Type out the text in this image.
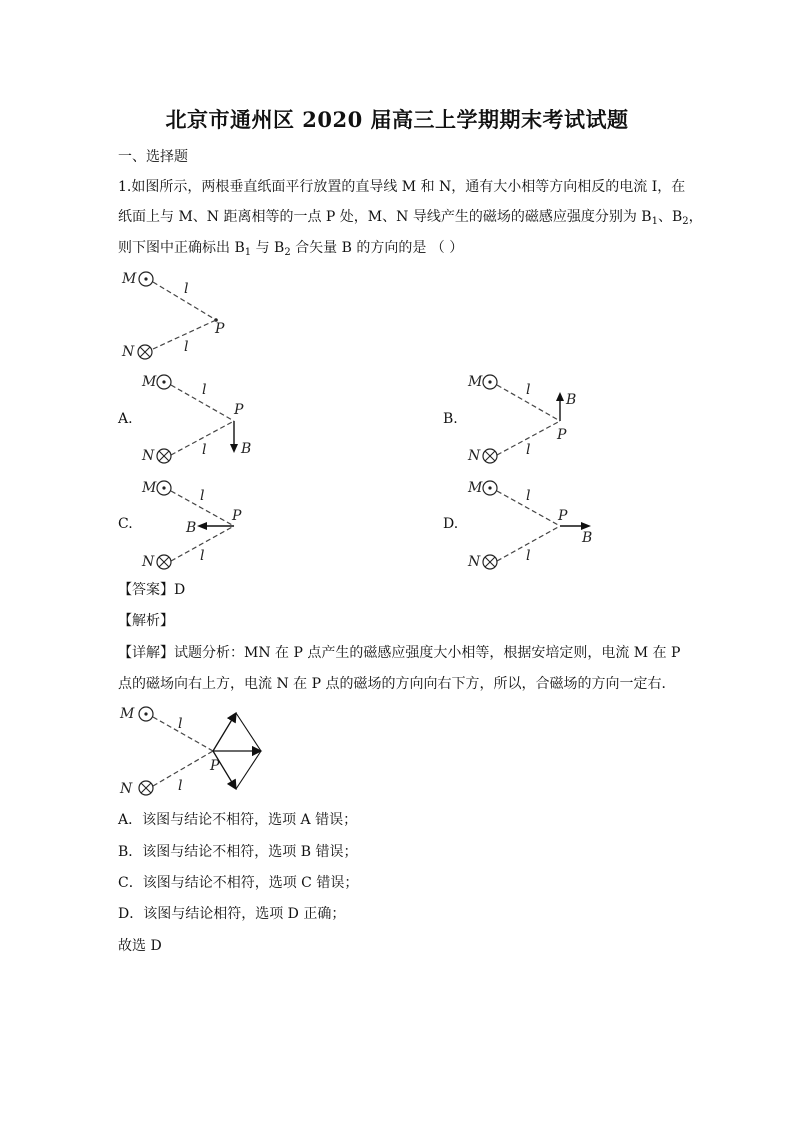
北京市通州区 2020 届高三上学期期末考试试题
一、选择题
1.如图所示，两根垂直纸面平行放置的直导线 M 和 N，通有大小相等方向相反的电流 I，在
纸面上与 M、N 距离相等的一点 P 处，M、N 导线产生的磁场的磁感应强度分别为 $B_1$、$B_2$，
则下图中正确标出 $B_1$ 与 $B_2$ 合矢量 B 的方向的是 （ ）
M
l
P
l
N
A.
M	l
P
l
N	B
B.
M	l
P
l
N
B
C.
M	l
P
l
N
B	D.
M	l
P
l
N
B
【答案】D
【解析】
【详解】试题分析：MN 在 P 点产生的磁感应强度大小相等，根据安培定则，电流 M 在 P
点的磁场向右上方，电流 N 在 P 点的磁场的方向向右下方，所以，合磁场的方向一定右．
M
l
P
l
N
A．该图与结论不相符，选项 A 错误；
B．该图与结论不相符，选项 B 错误；
C．该图与结论不相符，选项 C 错误；
D．该图与结论相符，选项 D 正确；
故选 D
